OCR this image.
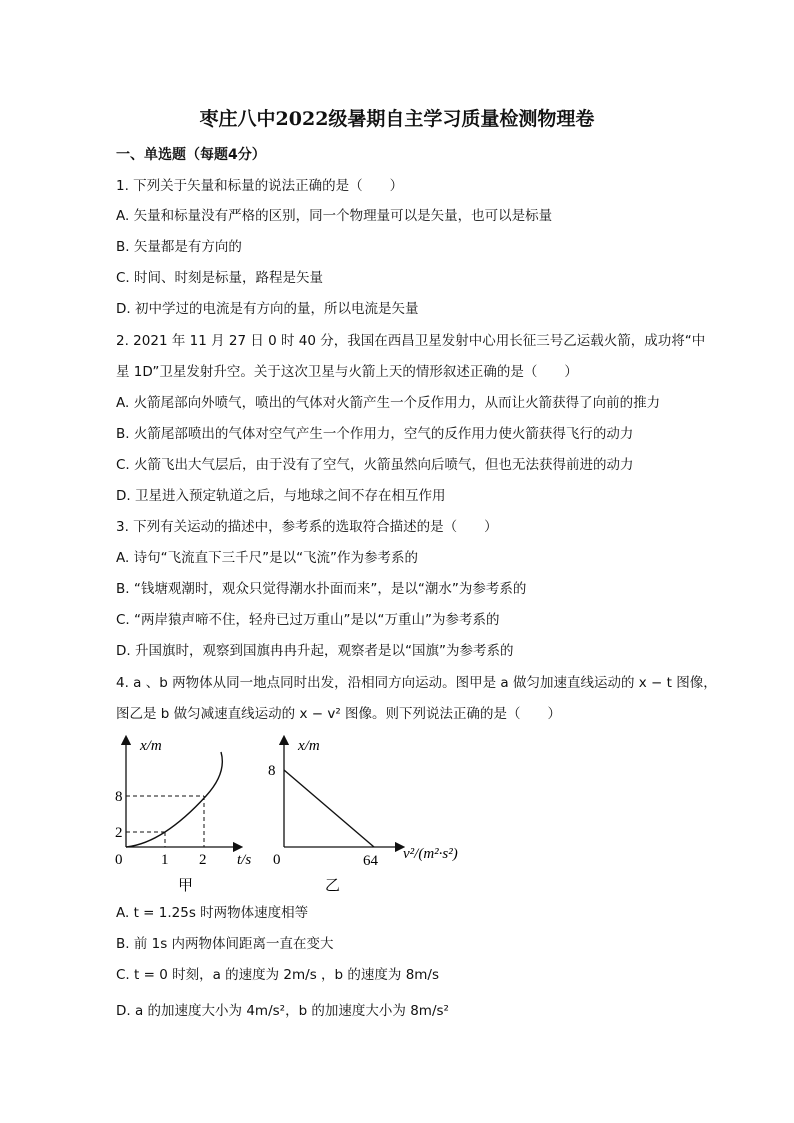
枣庄八中2022级暑期自主学习质量检测物理卷
一、单选题（每题4分）
1. 下列关于矢量和标量的说法正确的是（　　）
A. 矢量和标量没有严格的区别，同一个物理量可以是矢量，也可以是标量
B. 矢量都是有方向的
C. 时间、时刻是标量，路程是矢量
D. 初中学过的电流是有方向的量，所以电流是矢量
2. 2021 年 11 月 27 日 0 时 40 分，我国在西昌卫星发射中心用长征三号乙运载火箭，成功将“中
星 1D”卫星发射升空。关于这次卫星与火箭上天的情形叙述正确的是（　　）
A. 火箭尾部向外喷气，喷出的气体对火箭产生一个反作用力，从而让火箭获得了向前的推力
B. 火箭尾部喷出的气体对空气产生一个作用力，空气的反作用力使火箭获得飞行的动力
C. 火箭飞出大气层后，由于没有了空气，火箭虽然向后喷气，但也无法获得前进的动力
D. 卫星进入预定轨道之后，与地球之间不存在相互作用
3. 下列有关运动的描述中，参考系的选取符合描述的是（　　）
A. 诗句“飞流直下三千尺”是以“飞流”作为参考系的
B. “钱塘观潮时，观众只觉得潮水扑面而来”，是以“潮水”为参考系的
C. “两岸猿声啼不住，轻舟已过万重山”是以“万重山”为参考系的
D. 升国旗时，观察到国旗冉冉升起，观察者是以“国旗”为参考系的
4. a 、b 两物体从同一地点同时出发，沿相同方向运动。图甲是 a 做匀加速直线运动的 x − t 图像，
图乙是 b 做匀减速直线运动的 x − v² 图像。则下列说法正确的是（　　）
x/m
0
2
8
1 2 t/s
甲
x/m
8
0	64 v²/(m²·s²)
乙
A. t = 1.25s 时两物体速度相等
B. 前 1s 内两物体间距离一直在变大
C. t = 0 时刻，a 的速度为 2m/s ，b 的速度为 8m/s
D. a 的加速度大小为 4m/s²，b 的加速度大小为 8m/s²
